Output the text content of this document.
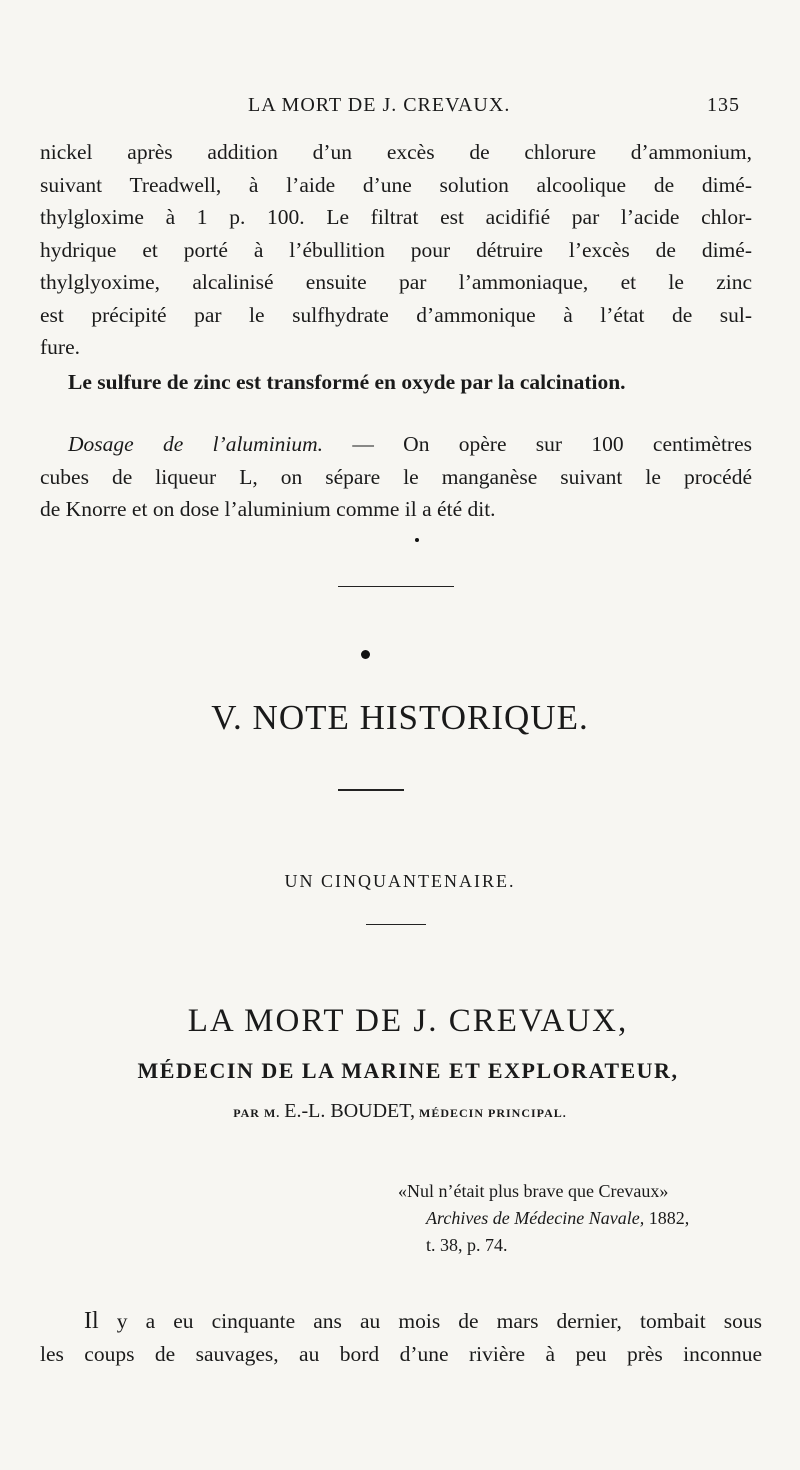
LA MORT DE J. CREVAUX.	135
nickel après addition d’un excès de chlorure d’ammonium,
suivant Treadwell, à l’aide d’une solution alcoolique de dimé-
thylgloxime à 1 p. 100. Le filtrat est acidifié par l’acide chlor-
hydrique et porté à l’ébullition pour détruire l’excès de dimé-
thylglyoxime, alcalinisé ensuite par l’ammoniaque, et le zinc
est précipité par le sulfhydrate d’ammonique à l’état de sul-
fure.
Le sulfure de zinc est transformé en oxyde par la calcination.
Dosage de l’aluminium. — On opère sur 100 centimètres
cubes de liqueur L, on sépare le manganèse suivant le procédé
de Knorre et on dose l’aluminium comme il a été dit.
V. NOTE HISTORIQUE.
UN CINQUANTENAIRE.
LA MORT DE J. CREVAUX,
MÉDECIN DE LA MARINE ET EXPLORATEUR,
PAR M. E.-L. BOUDET, MÉDECIN PRINCIPAL.
«Nul n’était plus brave que Crevaux»
Archives de Médecine Navale, 1882,
t. 38, p. 74.
Il y a eu cinquante ans au mois de mars dernier, tombait sous
les coups de sauvages, au bord d’une rivière à peu près inconnue
